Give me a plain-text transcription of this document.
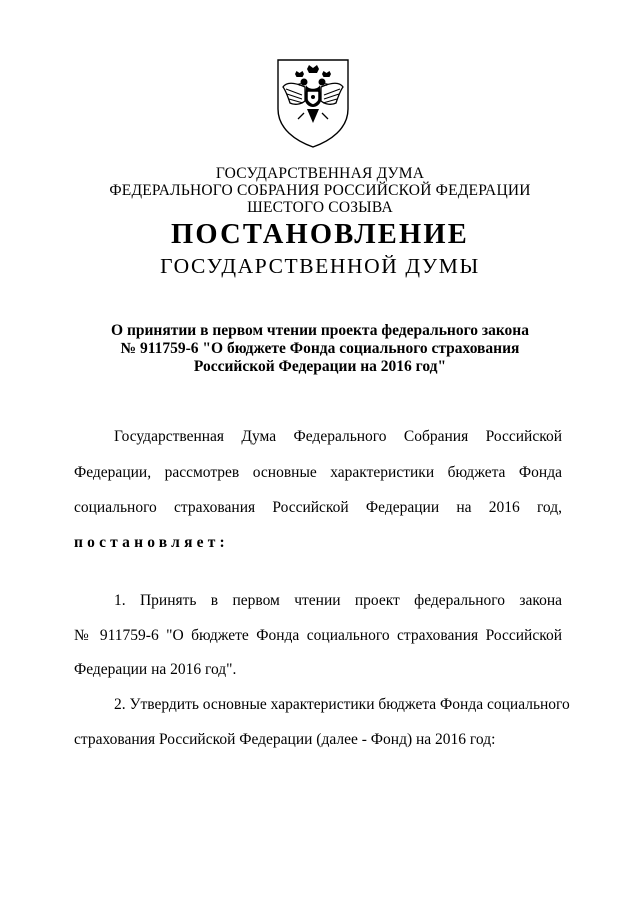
ГОСУДАРСТВЕННАЯ ДУМА
ФЕДЕРАЛЬНОГО СОБРАНИЯ РОССИЙСКОЙ ФЕДЕРАЦИИ
ШЕСТОГО СОЗЫВА
ПОСТАНОВЛЕНИЕ
ГОСУДАРСТВЕННОЙ ДУМЫ
О принятии в первом чтении проекта федерального закона
№ 911759-6 "О бюджете Фонда социального страхования
Российской Федерации на 2016 год"
Государственная Дума Федерального Собрания Российской
Федерации, рассмотрев основные характеристики бюджета Фонда
социального страхования Российской Федерации на 2016 год,
постановляет:
1. Принять в первом чтении проект федерального закона
№ 911759-6 "О бюджете Фонда социального страхования Российской
Федерации на 2016 год".
2. Утвердить основные характеристики бюджета Фонда социального
страхования Российской Федерации (далее - Фонд) на 2016 год:
